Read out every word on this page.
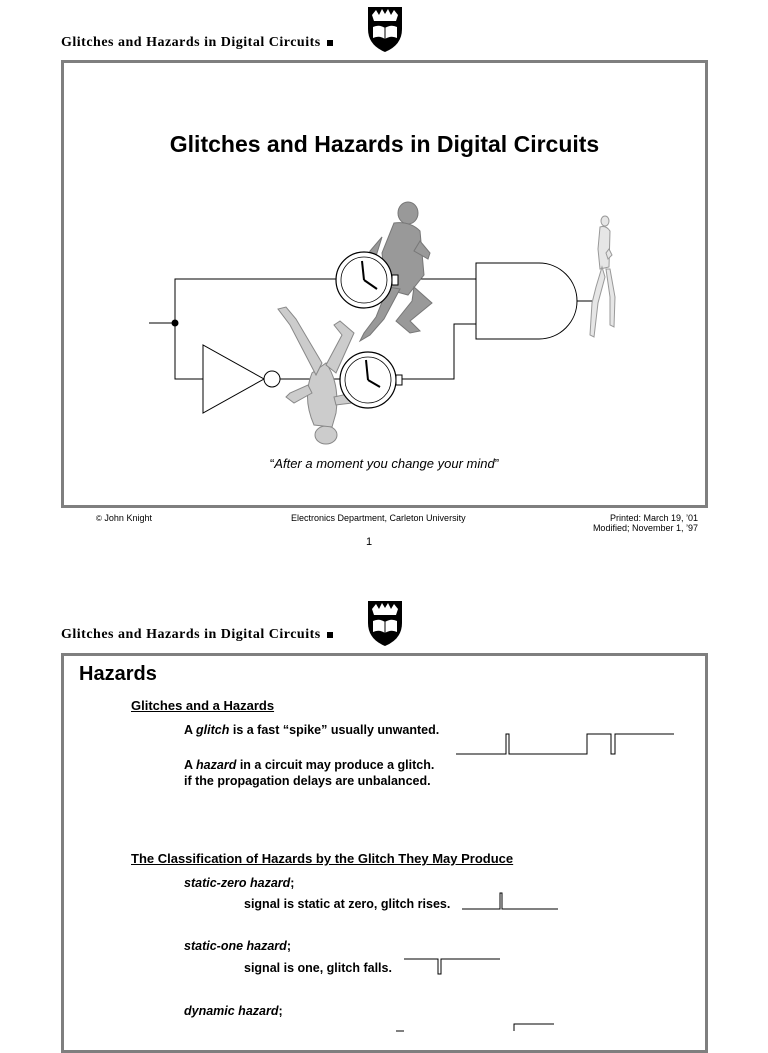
Glitches and Hazards in Digital Circuits
Glitches and Hazards in Digital Circuits
“After a moment you change your mind”
© John Knight	Electronics Department, Carleton University	Printed: March 19, ’01
Modified; November 1, ’97
1
Glitches and Hazards in Digital Circuits
Hazards
Glitches and a Hazards
A glitch is a fast “spike” usually unwanted.
A hazard in a circuit may produce a glitch.
if the propagation delays are unbalanced.
The Classification of Hazards by the Glitch They May Produce
static-zero hazard;
signal is static at zero, glitch rises.
static-one hazard;
signal is one, glitch falls.
dynamic hazard;
